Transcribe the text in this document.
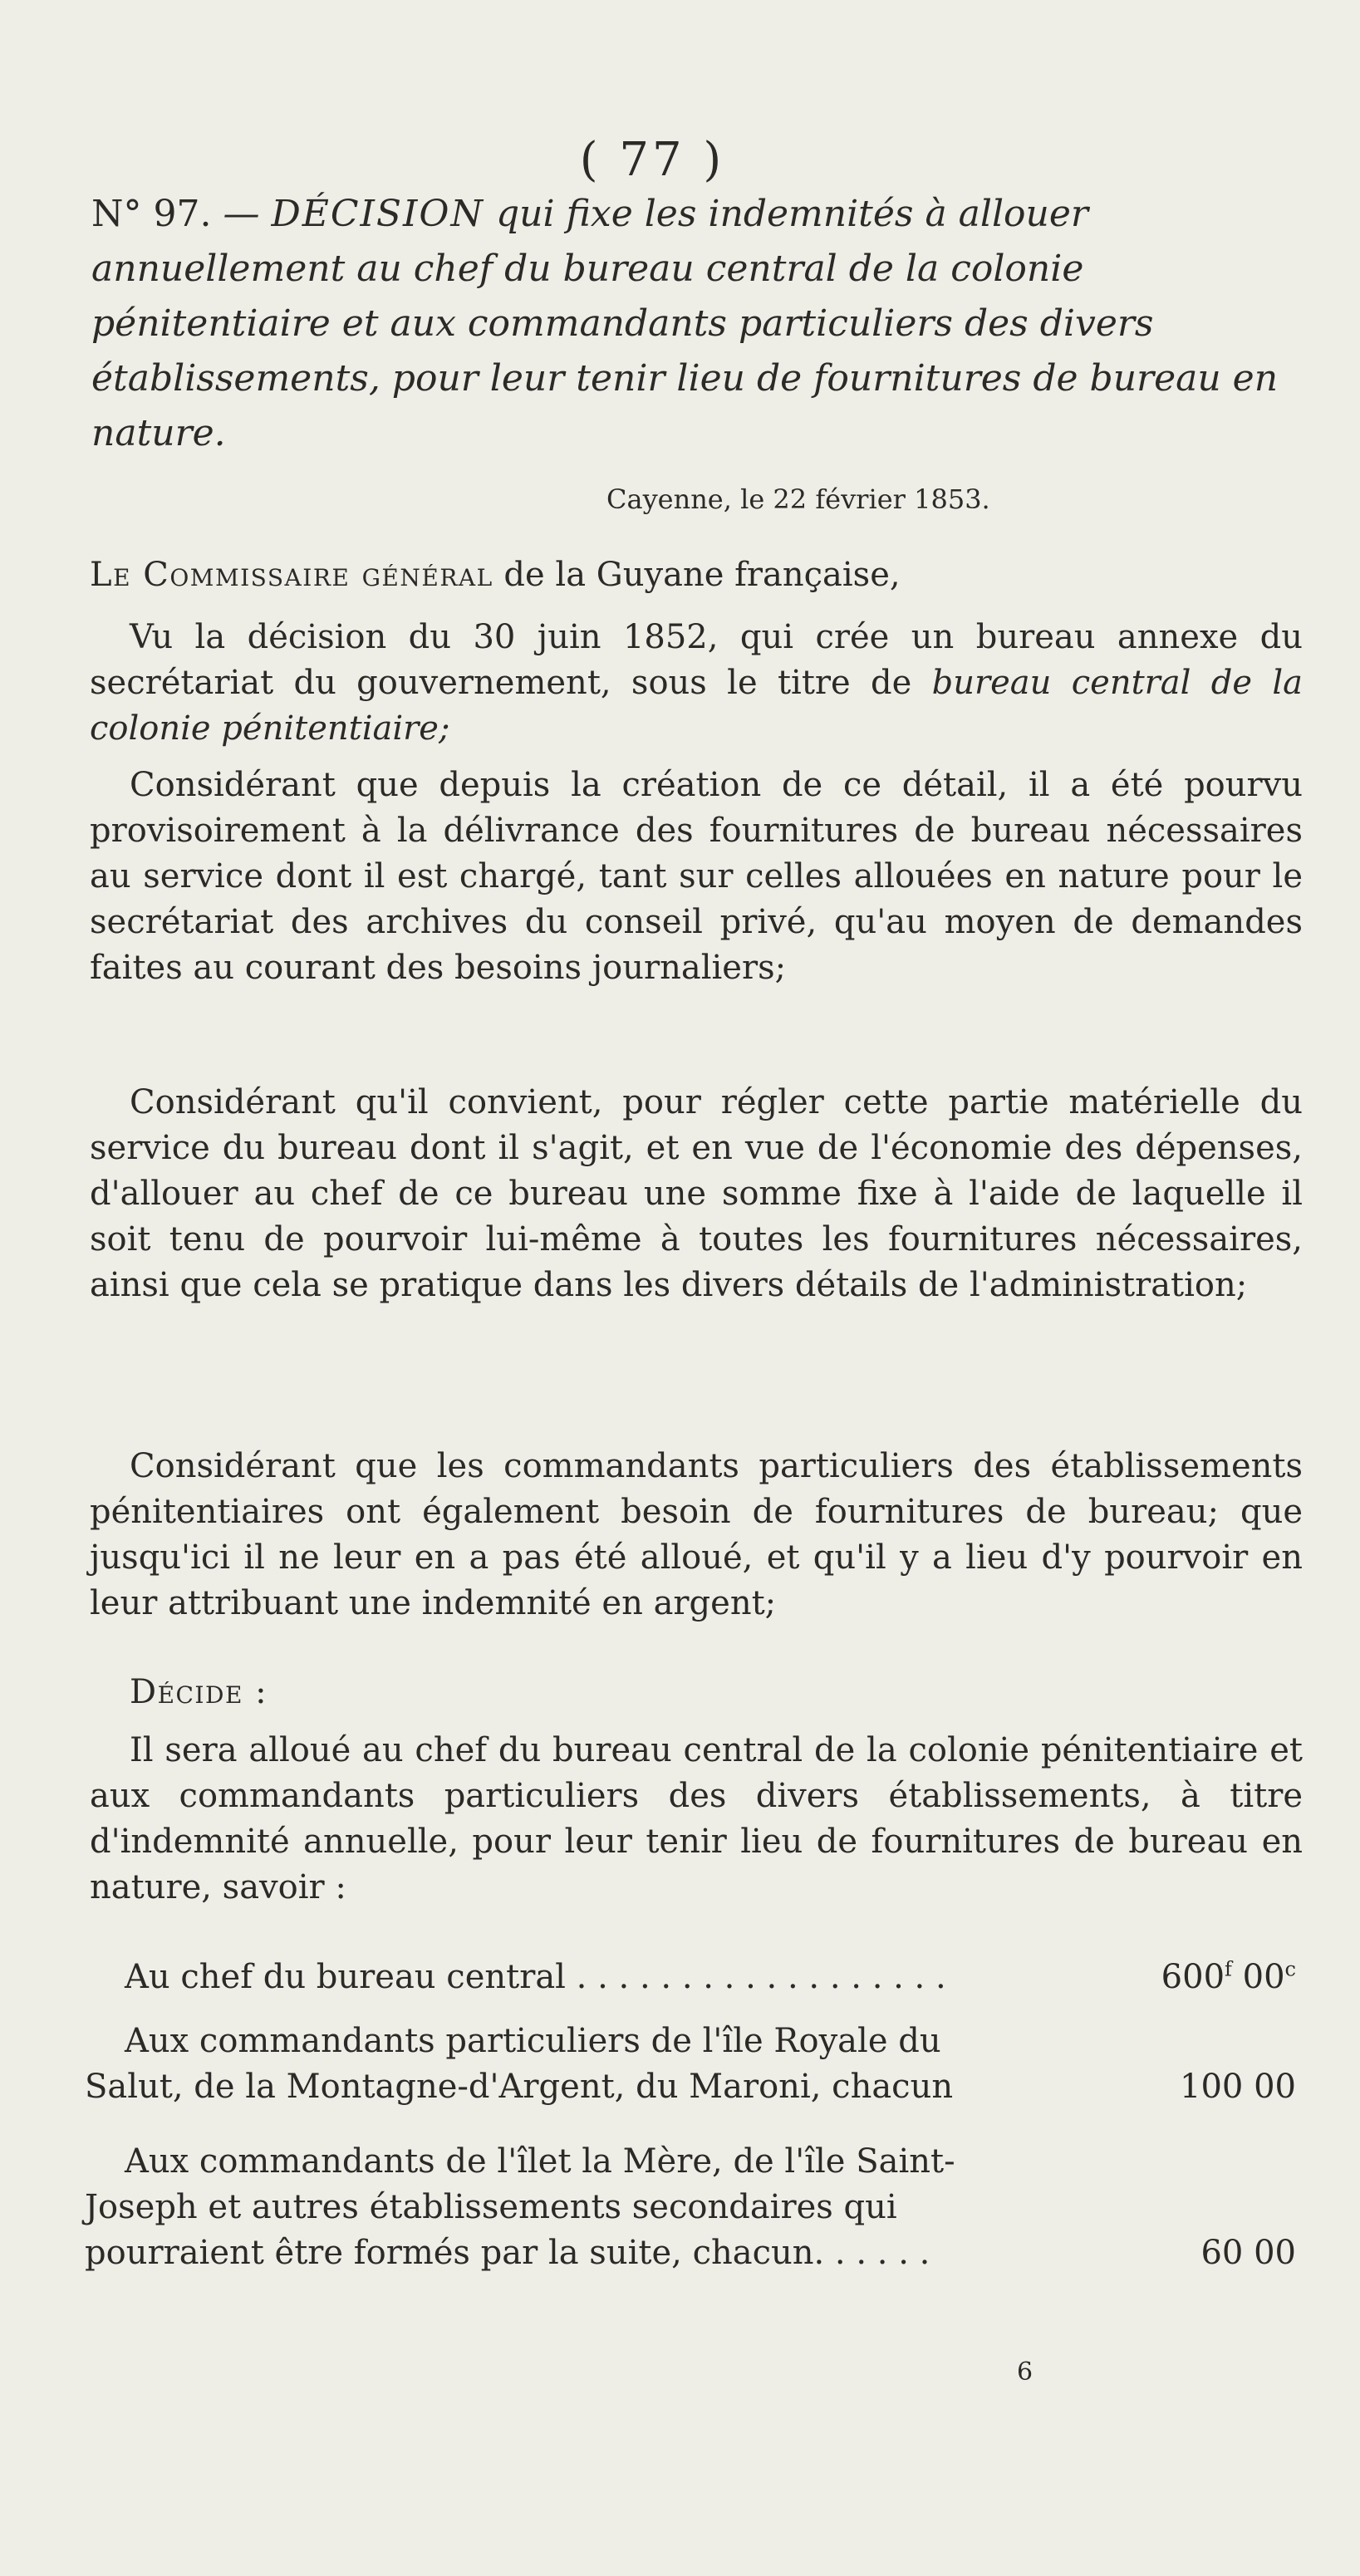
( 77 )
N° 97. — DÉCISION qui fixe les indemnités à allouer annuellement au chef du bureau central de la colonie pénitentiaire et aux commandants particuliers des divers établissements, pour leur tenir lieu de fournitures de bureau en nature.
Cayenne, le 22 février 1853.
Le Commissaire général de la Guyane française,
Vu la décision du 30 juin 1852, qui crée un bureau annexe du secrétariat du gouvernement, sous le titre de bureau central de la colonie pénitentiaire;
Considérant que depuis la création de ce détail, il a été pourvu provisoirement à la délivrance des fournitures de bureau nécessaires au service dont il est chargé, tant sur celles allouées en nature pour le secrétariat des archives du conseil privé, qu'au moyen de demandes faites au courant des besoins journaliers;
Considérant qu'il convient, pour régler cette partie matérielle du service du bureau dont il s'agit, et en vue de l'économie des dépenses, d'allouer au chef de ce bureau une somme fixe à l'aide de laquelle il soit tenu de pourvoir lui-même à toutes les fournitures nécessaires, ainsi que cela se pratique dans les divers détails de l'administration;
Considérant que les commandants particuliers des établissements pénitentiaires ont également besoin de fournitures de bureau; que jusqu'ici il ne leur en a pas été alloué, et qu'il y a lieu d'y pourvoir en leur attribuant une indemnité en argent;
Décide :
Il sera alloué au chef du bureau central de la colonie pénitentiaire et aux commandants particuliers des divers établissements, à titre d'indemnité annuelle, pour leur tenir lieu de fournitures de bureau en nature, savoir :
Au chef du bureau central . . . . . . . . . . . . . . . . . .	600$^f$ 00$^c$
Aux commandants particuliers de l'île Royale du
Salut, de la Montagne-d'Argent, du Maroni, chacun	100 00
Aux commandants de l'îlet la Mère, de l'île Saint-
Joseph et autres établissements secondaires qui
pourraient être formés par la suite, chacun. . . . . .	60 00
6
